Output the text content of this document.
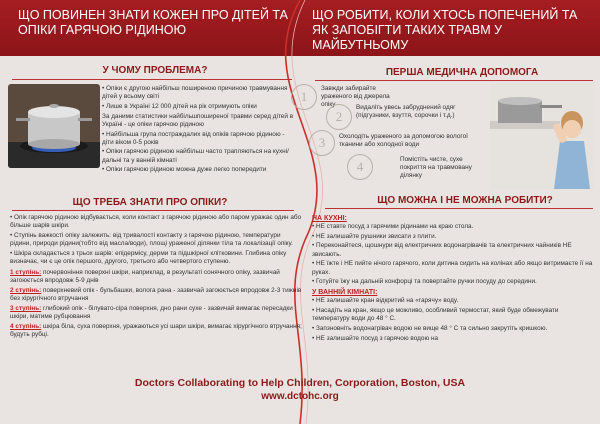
ЩО ПОВИНЕН ЗНАТИ КОЖЕН ПРО ДІТЕЙ ТА ОПІКИ ГАРЯЧОЮ РІДИНОЮ
ЩО РОБИТИ, КОЛИ ХТОСЬ ПОПЕЧЕНИЙ ТА ЯК ЗАПОБІГТИ ТАКИХ ТРАВМ У МАЙБУТНЬОМУ
У ЧОМУ ПРОБЛЕМА?

• Опіки є другою найбільш поширеною причиною травмування дітей у всьому світі

• Лише в Україні 12 000 дітей на рік отримують опіки

За даними статистики найбільшпоширеної травми серед дітей в Україні - це опіки гарячою рідиною

• Найбільша група постраждалих від опіків гарячою рідиною - діти віком 0-5 років

• Опіки гарячою рідиною найбільш часто трапляються на кухні/дальні та у ванній кімнаті

• Опіки гарячою рідиною можна дуже легко попередити

ЩО ТРЕБА ЗНАТИ ПРО ОПІКИ?

• Опік гарячою рідиною відбувається, коли контакт з гарячою рідиною або паром уражає один або більше шарів шкіри.

• Ступінь важкості опіку залежить: від тривалості контакту з гарячою рідиною, температури рідини, природи рідини(тобто від масла/води), площі ураженої ділянки тіла та локалізації опіку.

• Шкіра складається з трьох шарів: епідермісу, дерми та підшкірної клітковини. Глибина опіку визначає, чи є це опік першого, другого, третього або четвертого ступеню.

1 ступінь: почервоніння поверхні шкіри, наприклад, в результаті сонячного опіку, зазвичай загоюється впродовж 5-9 днів

2 ступінь: поверхневий опік - бульбашки, волога рана - зазвичай загоюється впродовж 2-3 тижнів без хірургічного втручання

3 ступінь: глибокий опік - білувато-сіра поверхня, дно рани сухе - зазвичай вимагає пересадки шкіри, матиме рубцювання

4 ступінь: шкіра біла, суха поверхня, уражаються усі шари шкіри, вимагає хірургічного втручання; будуть рубці.

ПЕРША МЕДИЧНА ДОПОМОГА
1
Завжди забирайте ураженого від джерела опіку
2
Видаліть увесь забруднений одяг (підгузники, взуття, сорочки і т.д.)
3	Охолодіть ураженого за допомогою вологої тканини або холодної води
4	Помістіть чисте, сухе покриття на травмовану ділянку
ЩО МОЖНА І НЕ МОЖНА РОБИТИ?
НА КУХНІ:

• НЕ ставте посуд з гарячими рідинами на краю стола.

• НЕ залишайте рушники звисати з плити.

• Переконайтеся, щошнури від електричних водонагрівачів та електричних чайників НЕ звисають.

• НЕ їжте і НЕ пийте нічого гарячого, коли дитина сидить на колінах або якщо витримаєте її на руках.

• Готуйте їжу на дальній конфорці та повертайте ручки посуду до середини.

У ВАННІЙ КІМНАТІ:

• НЕ залишайте кран відкритий на «гарячу» воду.

• Насадіть на кран, якщо це можливо, особливий термостат, який буде обмежувати температуру води до 48 ° С.

• Запзновніть водонагрівач водою не вище 48 ° С та сильно закрутіть кришкою.

• НЕ залишайте посуд з гарячою водою на

Doctors Collaborating to Help Children, Corporation, Boston, USA
www.dctohc.org
